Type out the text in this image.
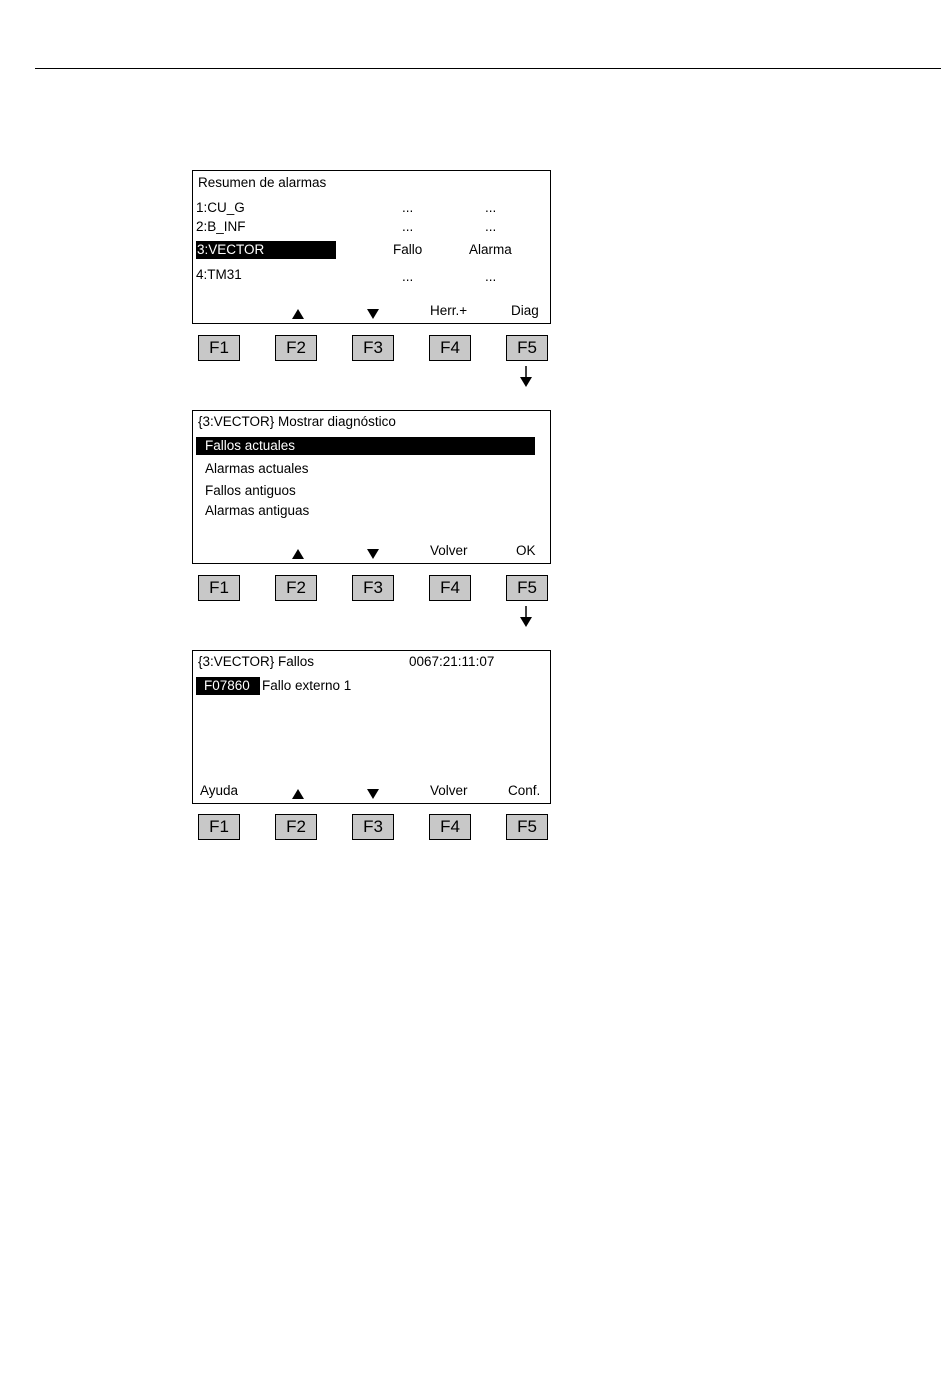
Resumen de alarmas
1:CU_G	...	...
2:B_INF	...	...
3:VECTOR	Fallo	Alarma
4:TM31	...	...
Herr.+	Diag
F1	F2	F3	F4	F5
{3:VECTOR} Mostrar diagnóstico
Fallos actuales
Alarmas actuales
Fallos antiguos
Alarmas antiguas
Volver	OK
F1	F2	F3	F4	F5
{3:VECTOR} Fallos	0067:21:11:07
F07860 Fallo externo 1
Ayuda	Volver	Conf.
F1	F2	F3	F4	F5
